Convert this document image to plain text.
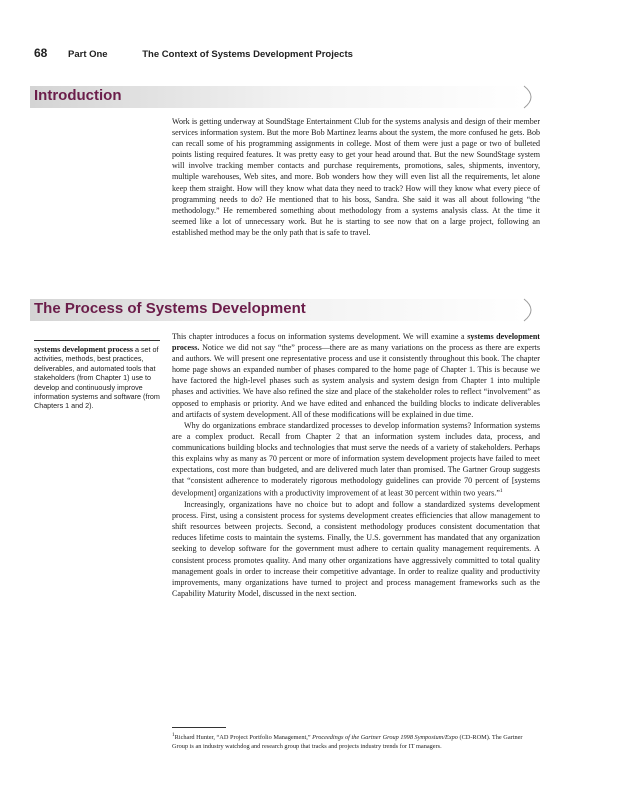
68 Part One	The Context of Systems Development Projects
Introduction

Work is getting underway at SoundStage Entertainment Club for the systems analysis and design of their member services information system. But the more Bob Martinez learns about the system, the more confused he gets. Bob can recall some of his programming assignments in college. Most of them were just a page or two of bulleted points listing required features. It was pretty easy to get your head around that. But the new SoundStage system will involve tracking member contacts and purchase requirements, promotions, sales, shipments, inventory, multiple warehouses, Web sites, and more. Bob wonders how they will even list all the requirements, let alone keep them straight. How will they know what data they need to track? How will they know what every piece of programming needs to do? He mentioned that to his boss, Sandra. She said it was all about following “the methodology.” He remembered something about methodology from a systems analysis class. At the time it seemed like a lot of unnecessary work. But he is starting to see now that on a large project, following an established method may be the only path that is safe to travel.

The Process of Systems Development
systems development process a set of activities, methods, best practices, deliverables, and automated tools that stakeholders (from Chapter 1) use to develop and continuously improve information systems and software (from Chapters 1 and 2).

This chapter introduces a focus on information systems development. We will examine a systems development process. Notice we did not say “the” process—there are as many variations on the process as there are experts and authors. We will present one representative process and use it consistently throughout this book. The chapter home page shows an expanded number of phases compared to the home page of Chapter 1. This is because we have factored the high-level phases such as system analysis and system design from Chapter 1 into multiple phases and activities. We have also refined the size and place of the stakeholder roles to reflect “involvement” as opposed to emphasis or priority. And we have edited and enhanced the building blocks to indicate deliverables and artifacts of system development. All of these modifications will be explained in due time.

Why do organizations embrace standardized processes to develop information systems? Information systems are a complex product. Recall from Chapter 2 that an information system includes data, process, and communications building blocks and technologies that must serve the needs of a variety of stakeholders. Perhaps this explains why as many as 70 percent or more of information system development projects have failed to meet expectations, cost more than budgeted, and are delivered much later than promised. The Gartner Group suggests that “consistent adherence to moderately rigorous methodology guidelines can provide 70 percent of [systems development] organizations with a productivity improvement of at least 30 percent within two years.”$^1$

Increasingly, organizations have no choice but to adopt and follow a standardized systems development process. First, using a consistent process for systems development creates efficiencies that allow management to shift resources between projects. Second, a consistent methodology produces consistent documentation that reduces lifetime costs to maintain the systems. Finally, the U.S. government has mandated that any organization seeking to develop software for the government must adhere to certain quality management requirements. A consistent process promotes quality. And many other organizations have aggressively committed to total quality management goals in order to increase their competitive advantage. In order to realize quality and productivity improvements, many organizations have turned to project and process management frameworks such as the Capability Maturity Model, discussed in the next section.

$^1$Richard Hunter, “AD Project Portfolio Management,” Proceedings of the Gartner Group 1998 Symposium/Expo (CD-ROM). The Gartner Group is an industry watchdog and research group that tracks and projects industry trends for IT managers.
